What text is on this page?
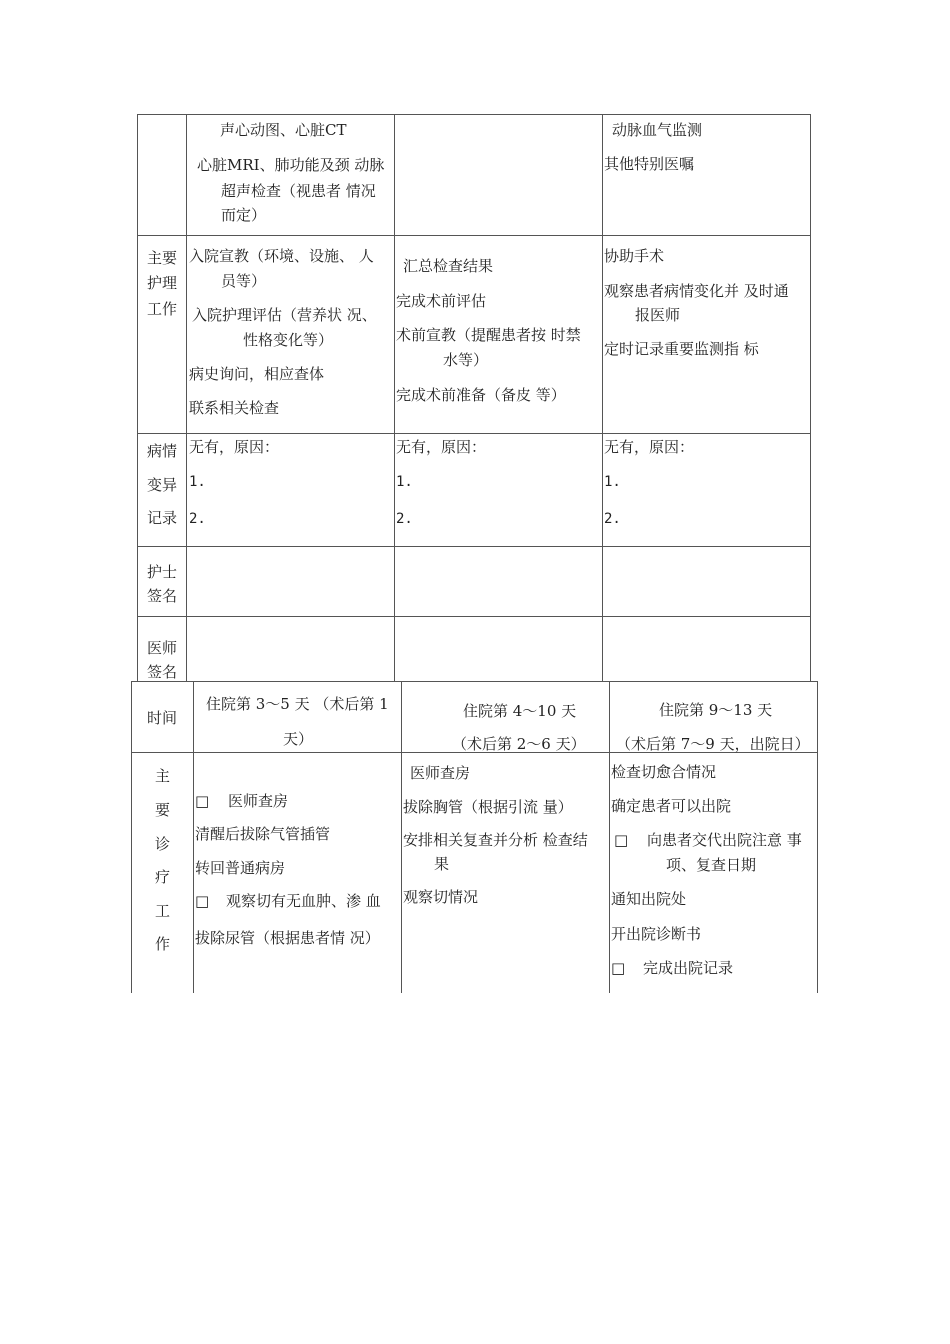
声心动图、心脏CT
心脏MRI、肺功能及颈 动脉
超声检查（视患者 情况
而定）
动脉血气监测
其他特别医嘱
主要
护理
工作
入院宣教（环境、设施、 人
员等）
入院护理评估（营养状 况、
性格变化等）
病史询问，相应查体
联系相关检查
汇总检查结果
完成术前评估
术前宣教（提醒患者按 时禁
水等）
完成术前准备（备皮 等）
协助手术
观察患者病情变化并 及时通
报医师
定时记录重要监测指 标
病情
变异
记录
无有，原因：
1.
2.
无有，原因：
1.
2.
无有，原因：
1.
2.
护士
签名
医师
签名
时间
住院第 3〜5 天 （术后第 1
天）
住院第 4〜10 天
（术后第 2〜6 天）
住院第 9〜13 天
（术后第 7〜9 天，出院日）
主
要
诊
疗
工
作
□ 医师查房
清醒后拔除气管插管
转回普通病房
□ 观察切有无血肿、渗 血
拔除尿管（根据患者情 况）
医师查房
拔除胸管（根据引流 量）
安排相关复查并分析 检查结
果
观察切情况
检查切愈合情况
确定患者可以出院
□ 向患者交代出院注意 事
项、复查日期
通知出院处
开出院诊断书
□ 完成出院记录
